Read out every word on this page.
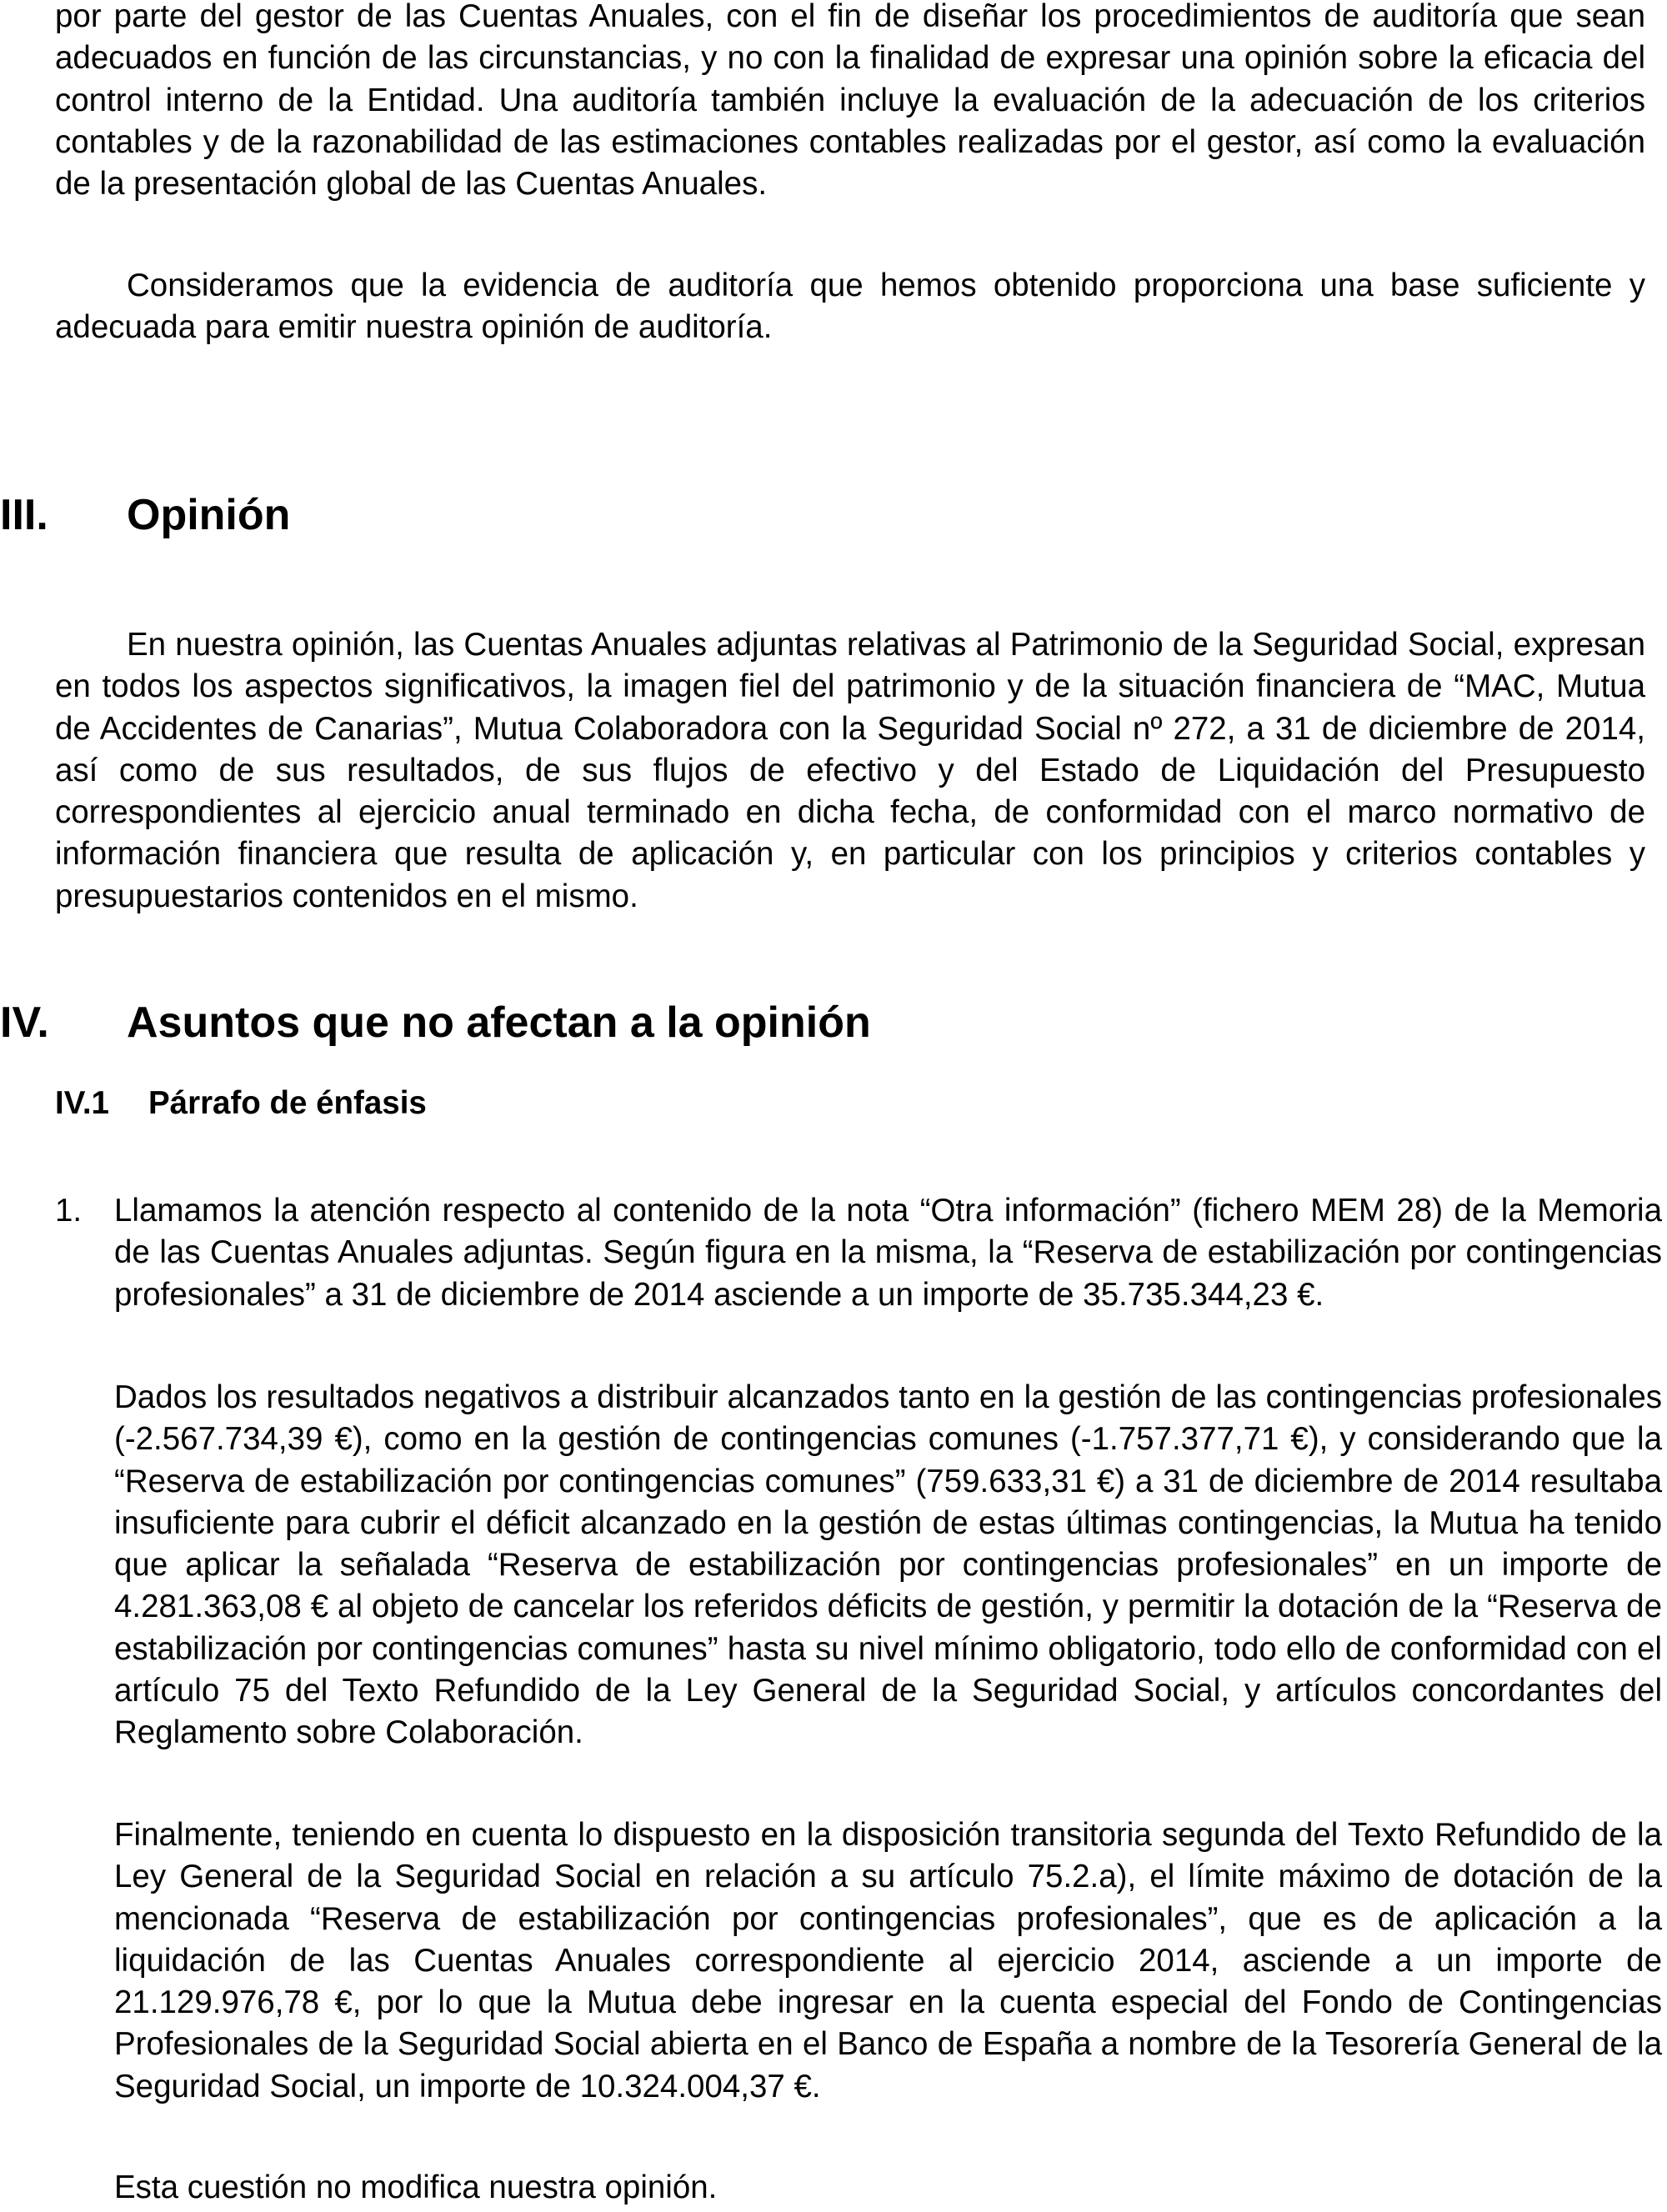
por parte del gestor de las Cuentas Anuales, con el fin de diseñar los procedimientos de auditoría que sean adecuados en función de las circunstancias, y no con la finalidad de expresar una opinión sobre la eficacia del control interno de la Entidad. Una auditoría también incluye la evaluación de la adecuación de los criterios contables y de la razonabilidad de las estimaciones contables realizadas por el gestor, así como la evaluación de la presentación global de las Cuentas Anuales.

Consideramos que la evidencia de auditoría que hemos obtenido proporciona una base suficiente y adecuada para emitir nuestra opinión de auditoría.

III. Opinión

En nuestra opinión, las Cuentas Anuales adjuntas relativas al Patrimonio de la Seguridad Social, expresan en todos los aspectos significativos, la imagen fiel del patrimonio y de la situación financiera de “MAC, Mutua de Accidentes de Canarias”, Mutua Colaboradora con la Seguridad Social nº 272, a 31 de diciembre de 2014, así como de sus resultados, de sus flujos de efectivo y del Estado de Liquidación del Presupuesto correspondientes al ejercicio anual terminado en dicha fecha, de conformidad con el marco normativo de información financiera que resulta de aplicación y, en particular con los principios y criterios contables y presupuestarios contenidos en el mismo.

IV. Asuntos que no afectan a la opinión
IV.1 Párrafo de énfasis
1. Llamamos la atención respecto al contenido de la nota “Otra información” (fichero MEM 28) de la Memoria de las Cuentas Anuales adjuntas. Según figura en la misma, la “Reserva de estabilización por contingencias profesionales” a 31 de diciembre de 2014 asciende a un importe de 35.735.344,23 €.

Dados los resultados negativos a distribuir alcanzados tanto en la gestión de las contingencias profesionales (-2.567.734,39 €), como en la gestión de contingencias comunes (-1.757.377,71 €), y considerando que la “Reserva de estabilización por contingencias comunes” (759.633,31 €) a 31 de diciembre de 2014 resultaba insuficiente para cubrir el déficit alcanzado en la gestión de estas últimas contingencias, la Mutua ha tenido que aplicar la señalada “Reserva de estabilización por contingencias profesionales” en un importe de 4.281.363,08 € al objeto de cancelar los referidos déficits de gestión, y permitir la dotación de la “Reserva de estabilización por contingencias comunes” hasta su nivel mínimo obligatorio, todo ello de conformidad con el artículo 75 del Texto Refundido de la Ley General de la Seguridad Social, y artículos concordantes del Reglamento sobre Colaboración.

Finalmente, teniendo en cuenta lo dispuesto en la disposición transitoria segunda del Texto Refundido de la Ley General de la Seguridad Social en relación a su artículo 75.2.a), el límite máximo de dotación de la mencionada “Reserva de estabilización por contingencias profesionales”, que es de aplicación a la liquidación de las Cuentas Anuales correspondiente al ejercicio 2014, asciende a un importe de 21.129.976,78 €, por lo que la Mutua debe ingresar en la cuenta especial del Fondo de Contingencias Profesionales de la Seguridad Social abierta en el Banco de España a nombre de la Tesorería General de la Seguridad Social, un importe de 10.324.004,37 €.

Esta cuestión no modifica nuestra opinión.
